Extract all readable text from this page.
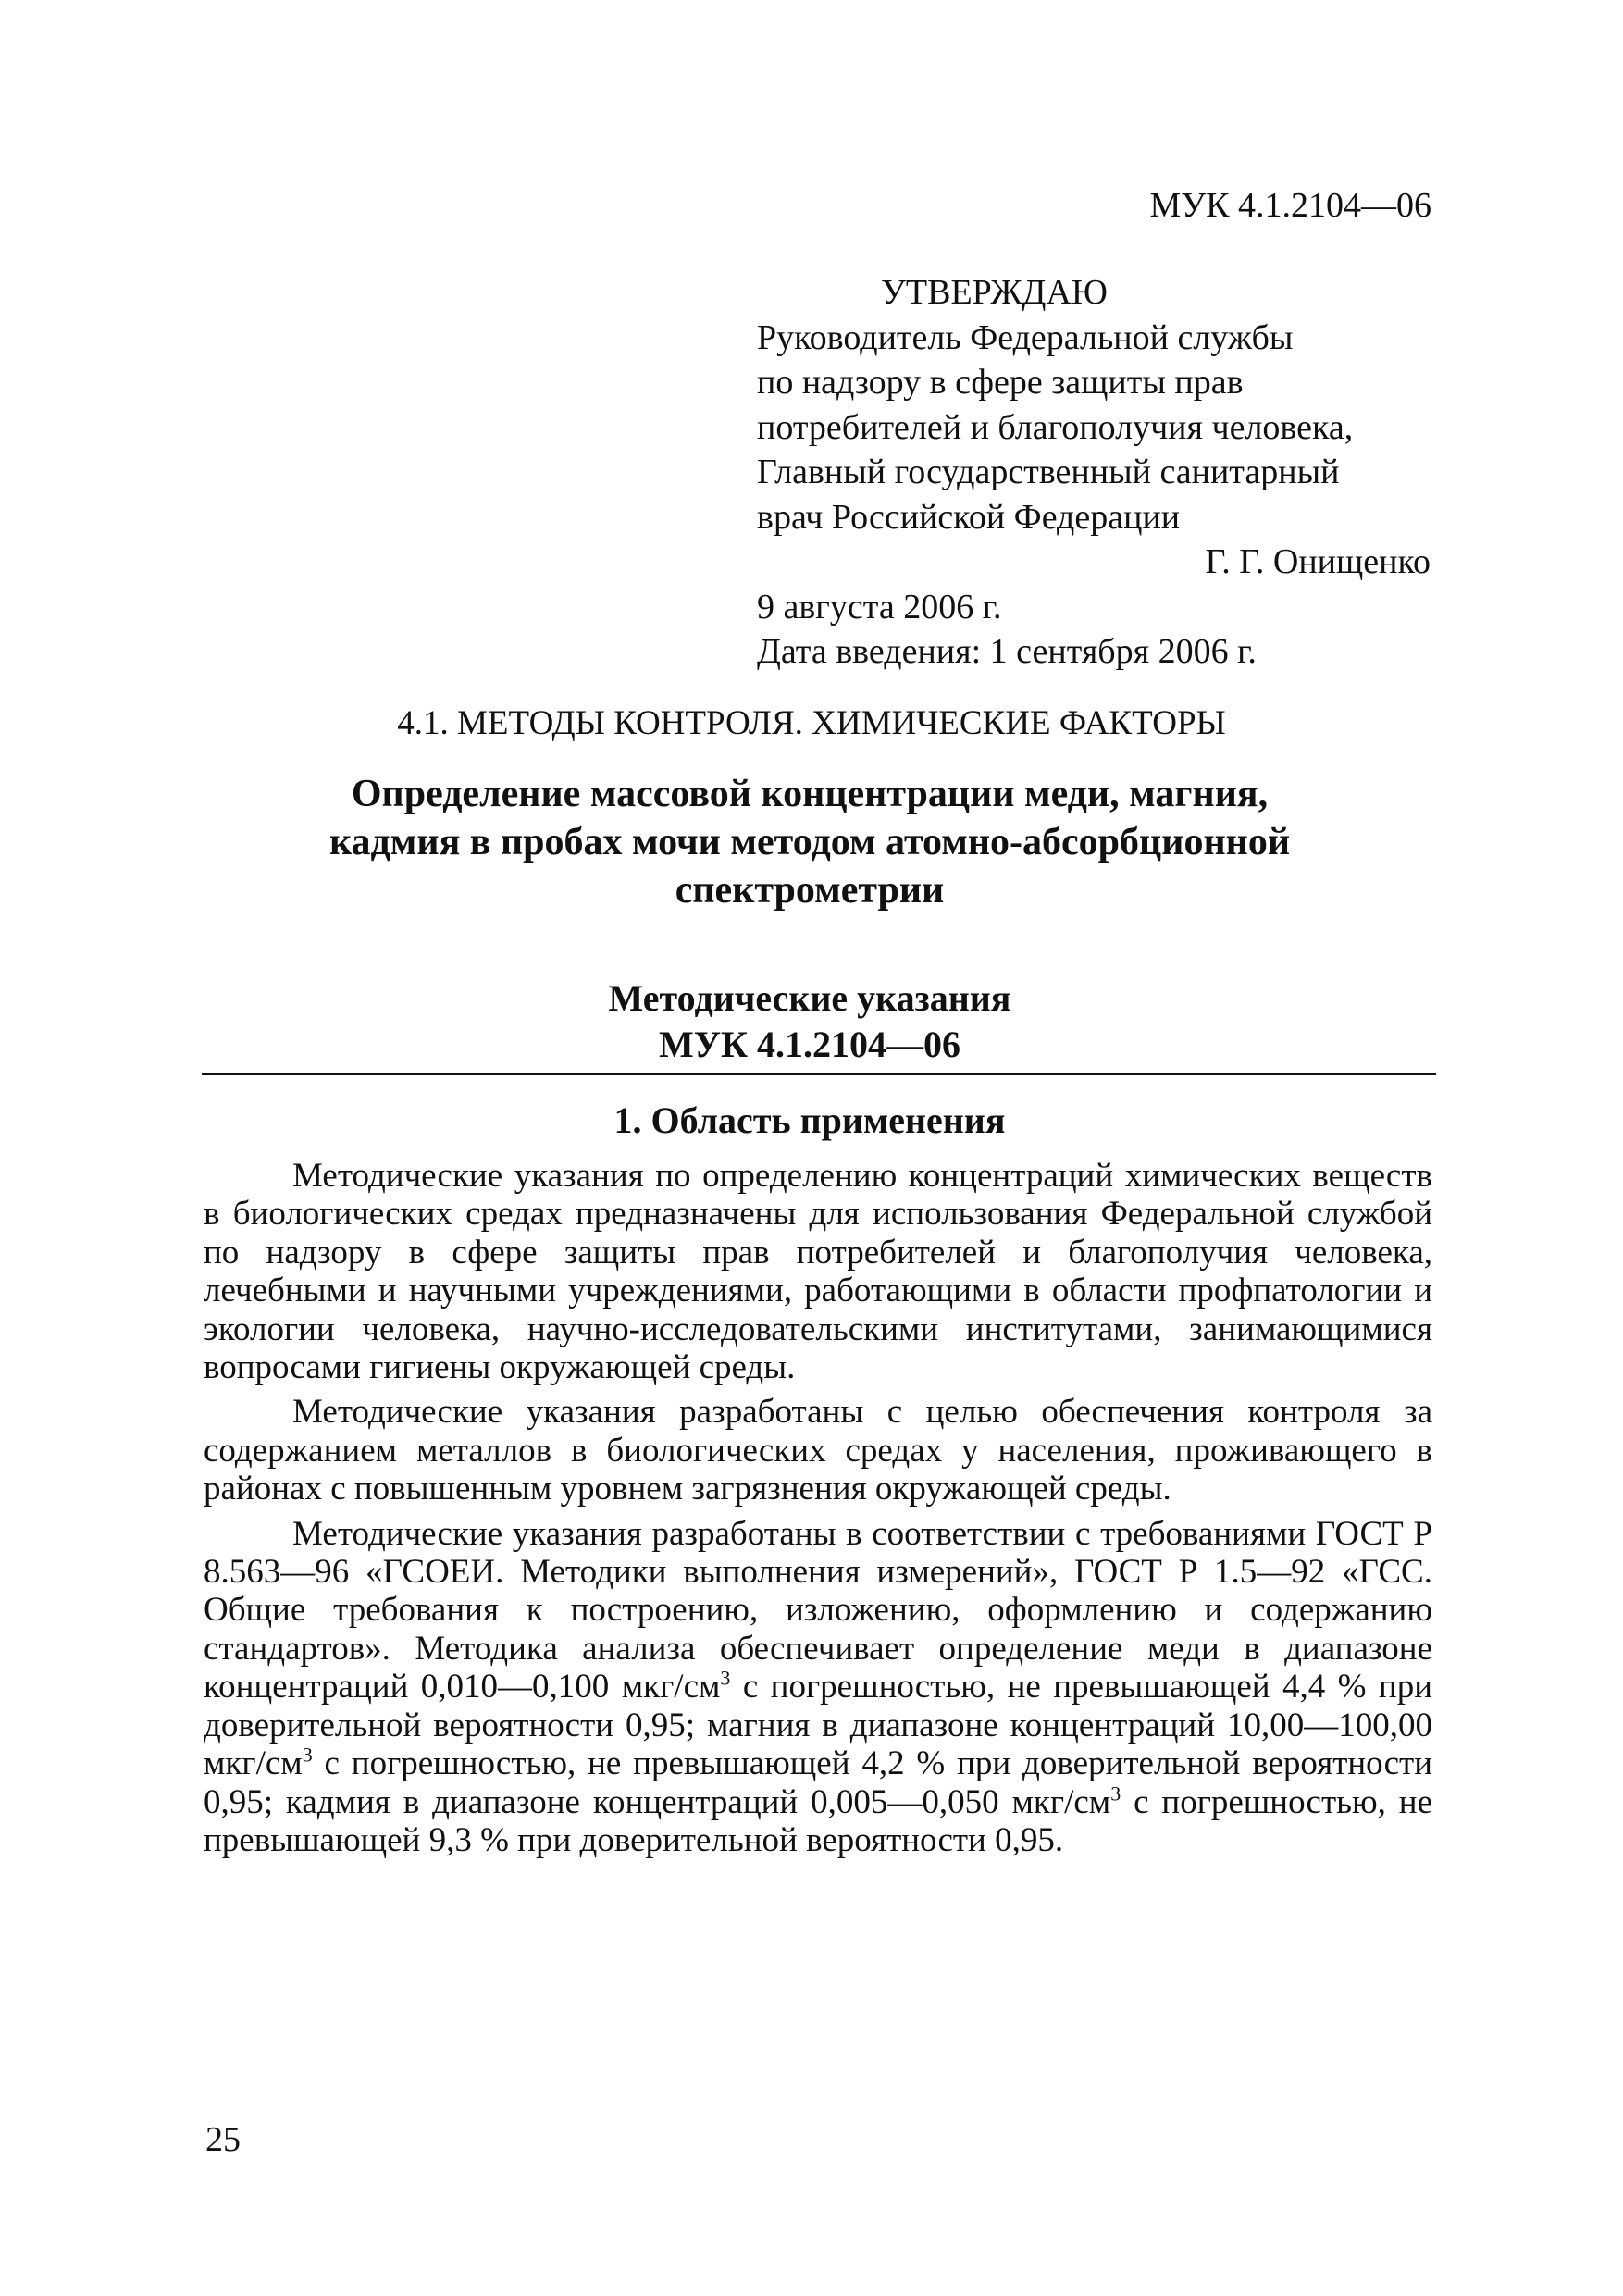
МУК 4.1.2104—06
УТВЕРЖДАЮ
Руководитель Федеральной службы
по надзору в сфере защиты прав
потребителей и благополучия человека,
Главный государственный санитарный
врач Российской Федерации
Г. Г. Онищенко
9 августа 2006 г.
Дата введения: 1 сентября 2006 г.
4.1. МЕТОДЫ КОНТРОЛЯ. ХИМИЧЕСКИЕ ФАКТОРЫ
Определение массовой концентрации меди, магния,
кадмия в пробах мочи методом атомно-абсорбционной
спектрометрии
Методические указания
МУК 4.1.2104—06
1. Область применения

Методические указания по определению концентраций химических веществ в биологических средах предназначены для использования Федеральной службой по надзору в сфере защиты прав потребителей и благополучия человека, лечебными и научными учреждениями, работающими в области профпатологии и экологии человека, научно-исследовательскими институтами, занимающимися вопросами гигиены окружающей среды.

Методические указания разработаны с целью обеспечения контроля за содержанием металлов в биологических средах у населения, проживающего в районах с повышенным уровнем загрязнения окружающей среды.

Методические указания разработаны в соответствии с требованиями ГОСТ Р 8.563—96 «ГСОЕИ. Методики выполнения измерений», ГОСТ Р 1.5—92 «ГСС. Общие требования к построению, изложению, оформлению и содержанию стандартов». Методика анализа обеспечивает определение меди в диапазоне концентраций 0,010—0,100 мкг/$см^3$ с погрешностью, не превышающей 4,4 % при доверительной вероятности 0,95; магния в диапазоне концентраций 10,00—100,00 мкг/$см^3$ с погрешностью, не превышающей 4,2 % при доверительной вероятности 0,95; кадмия в диапазоне концентраций 0,005—0,050 мкг/$см^3$ с погрешностью, не превышающей 9,3 % при доверительной вероятности 0,95.

25
